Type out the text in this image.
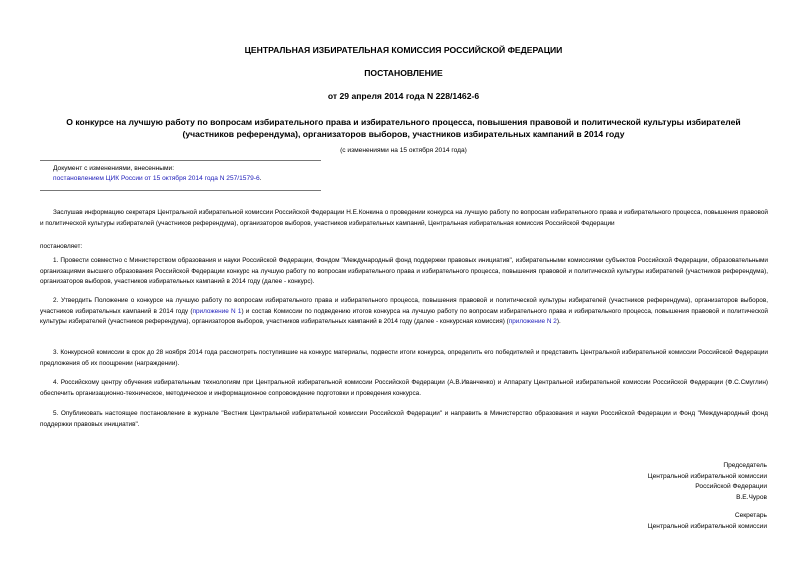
ЦЕНТРАЛЬНАЯ ИЗБИРАТЕЛЬНАЯ КОМИССИЯ РОССИЙСКОЙ ФЕДЕРАЦИИ
ПОСТАНОВЛЕНИЕ
от 29 апреля 2014 года N 228/1462-6
О конкурсе на лучшую работу по вопросам избирательного права и избирательного процесса, повышения правовой и политической культуры избирателей
(участников референдума), организаторов выборов, участников избирательных кампаний в 2014 году
(с изменениями на 15 октября 2014 года)
Документ с изменениями, внесенными:
постановлением ЦИК России от 15 октября 2014 года N 257/1579-6.
Заслушав информацию секретаря Центральной избирательной комиссии Российской Федерации Н.Е.Конкина о проведении конкурса на лучшую работу по вопросам избирательного права и избирательного процесса, повышения правовой и политической культуры избирателей (участников референдума), организаторов выборов, участников избирательных кампаний, Центральная избирательная комиссия Российской Федерации
постановляет:
1. Провести совместно с Министерством образования и науки Российской Федерации, Фондом "Международный фонд поддержки правовых инициатив", избирательными комиссиями субъектов Российской Федерации, образовательными организациями высшего образования Российской Федерации конкурс на лучшую работу по вопросам избирательного права и избирательного процесса, повышения правовой и политической культуры избирателей (участников референдума), организаторов выборов, участников избирательных кампаний в 2014 году (далее - конкурс).
2. Утвердить Положение о конкурсе на лучшую работу по вопросам избирательного права и избирательного процесса, повышения правовой и политической культуры избирателей (участников референдума), организаторов выборов, участников избирательных кампаний в 2014 году (приложение N 1) и состав Комиссии по подведению итогов конкурса на лучшую работу по вопросам избирательного права и избирательного процесса, повышения правовой и политической культуры избирателей (участников референдума), организаторов выборов, участников избирательных кампаний в 2014 году (далее - конкурсная комиссия) (приложение N 2).
3. Конкурсной комиссии в срок до 28 ноября 2014 года рассмотреть поступившие на конкурс материалы, подвести итоги конкурса, определить его победителей и представить Центральной избирательной комиссии Российской Федерации предложения об их поощрении (награждении).
4. Российскому центру обучения избирательным технологиям при Центральной избирательной комиссии Российской Федерации (А.В.Иванченко) и Аппарату Центральной избирательной комиссии Российской Федерации (Ф.С.Смуглин) обеспечить организационно-техническое, методическое и информационное сопровождение подготовки и проведения конкурса.
5. Опубликовать настоящее постановление в журнале "Вестник Центральной избирательной комиссии Российской Федерации" и направить в Министерство образования и науки Российской Федерации и Фонд "Международный фонд поддержки правовых инициатив".
Председатель
Центральной избирательной комиссии
Российской Федерации
В.Е.Чуров
Секретарь
Центральной избирательной комиссии
